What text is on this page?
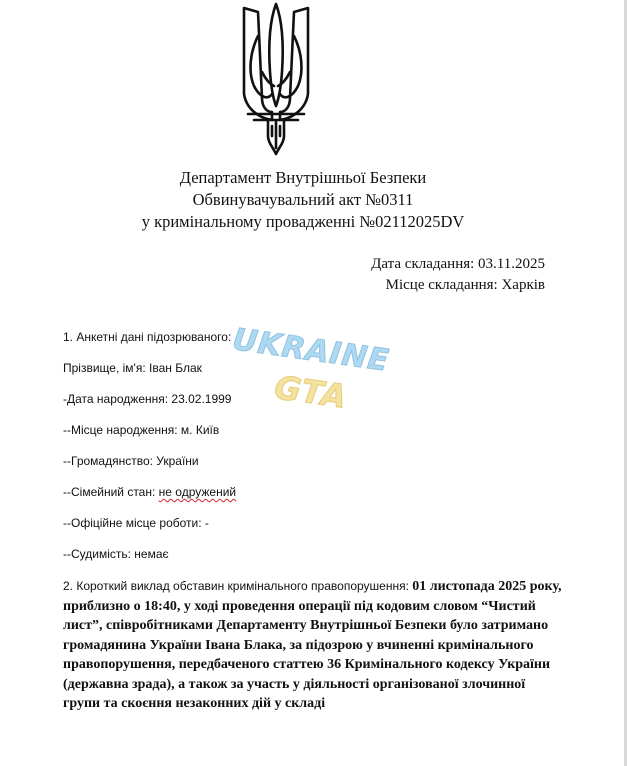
Департамент Внутрішньої Безпеки
Обвинувачувальний акт №0311
у кримінальному провадженні №02112025DV
Дата складання: 03.11.2025
Місце складання: Харків
1. Анкетні дані підозрюваного:
Прізвище, ім'я: Іван Блак
-Дата народження: 23.02.1999
--Місце народження: м. Київ
--Громадянство: України
--Сімейний стан: не одружений
--Офіційне місце роботи: -
--Судимість: немає
2. Короткий виклад обставин кримінального правопорушення: 01 листопада 2025 року, приблизно о 18:40, у ході проведення операції під кодовим словом “Чистий лист”, співробітниками Департаменту Внутрішньої Безпеки було затримано громадянина України Івана Блака, за підозрою у вчиненні кримінального правопорушення, передбаченого статтею 36 Кримінального кодексу України (державна зрада), а також за участь у діяльності організованої злочинної групи та скоєння незаконних дій у складі
UKRAINE
GTA
